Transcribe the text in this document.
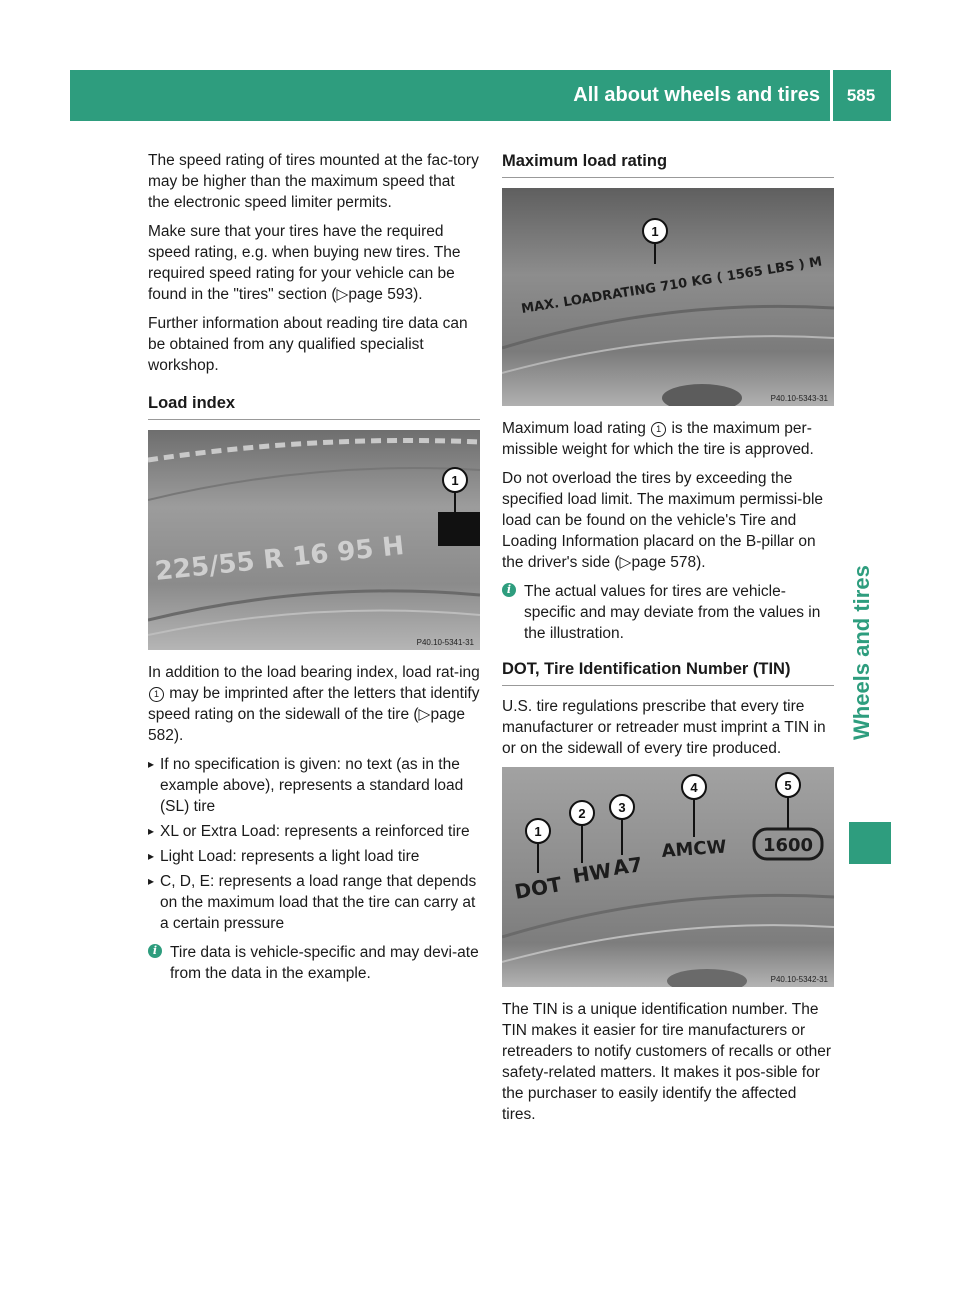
All about wheels and tires	585
Wheels and tires

The speed rating of tires mounted at the fac-tory may be higher than the maximum speed that the electronic speed limiter permits.

Make sure that your tires have the required speed rating, e.g. when buying new tires. The required speed rating for your vehicle can be found in the "tires" section (▷page 593).

Further information about reading tire data can be obtained from any qualified specialist workshop.

Load index
225/55 R 16 95 H
1
P40.10-5341-31

In addition to the load bearing index, load rat-ing 1 may be imprinted after the letters that identify speed rating on the sidewall of the tire (▷page 582).

▸ If no specification is given: no text (as in the example above), represents a standard load (SL) tire
▸ XL or Extra Load: represents a reinforced tire
▸ Light Load: represents a light load tire
▸ C, D, E: represents a load range that depends on the maximum load that the tire can carry at a certain pressure
i Tire data is vehicle-specific and may devi-ate from the data in the example.
Maximum load rating
MAX. LOADRATING 710 KG ( 1565 LBS ) M
1
P40.10-5343-31

Maximum load rating 1 is the maximum per-missible weight for which the tire is approved.

Do not overload the tires by exceeding the specified load limit. The maximum permissi-ble load can be found on the vehicle's Tire and Loading Information placard on the B-pillar on the driver's side (▷page 578).

i The actual values for tires are vehicle-specific and may deviate from the values in the illustration.
DOT, Tire Identification Number (TIN)

U.S. tire regulations prescribe that every tire manufacturer or retreader must imprint a TIN in or on the sidewall of every tire produced.

DOT HW
A7
AMCW 1600
1
2	3
4	5
P40.10-5342-31

The TIN is a unique identification number. The TIN makes it easier for tire manufacturers or retreaders to notify customers of recalls or other safety-related matters. It makes it pos-sible for the purchaser to easily identify the affected tires.
